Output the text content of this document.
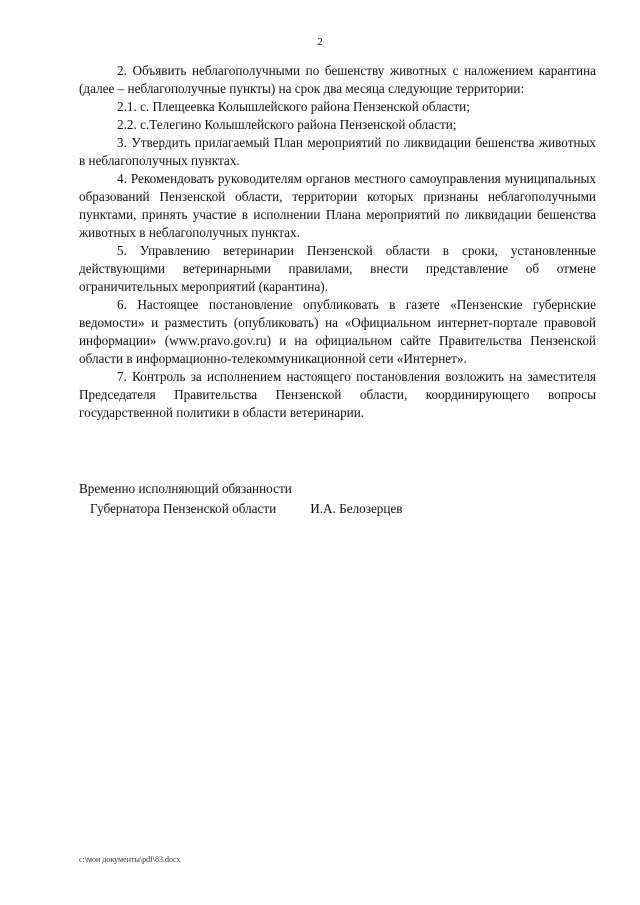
2

2. Объявить неблагополучными по бешенству животных с наложением карантина (далее – неблагополучные пункты) на срок два месяца следующие территории:

2.1. с. Плещеевка Колышлейского района Пензенской области;

2.2. с.Телегино Колышлейского района Пензенской области;

3. Утвердить прилагаемый План мероприятий по ликвидации бешенства животных в неблагополучных пунктах.

4. Рекомендовать руководителям органов местного самоуправления муниципальных образований Пензенской области, территории которых признаны неблагополучными пунктами, принять участие в исполнении Плана мероприятий по ликвидации бешенства животных в неблагополучных пунктах.

5. Управлению ветеринарии Пензенской области в сроки, установленные действующими ветеринарными правилами, внести представление об отмене ограничительных мероприятий (карантина).

6. Настоящее постановление опубликовать в газете «Пензенские губернские ведомости» и разместить (опубликовать) на «Официальном интернет-портале правовой информации» (www.pravo.gov.ru) и на официальном сайте Правительства Пензенской области в информационно-телекоммуникационной сети «Интернет».

7. Контроль за исполнением настоящего постановления возложить на заместителя Председателя Правительства Пензенской области, координирующего вопросы государственной политики в области ветеринарии.

Временно исполняющий обязанности
Губернатора Пензенской области	И.А. Белозерцев
c:\мои документы\pdf\83.docx
